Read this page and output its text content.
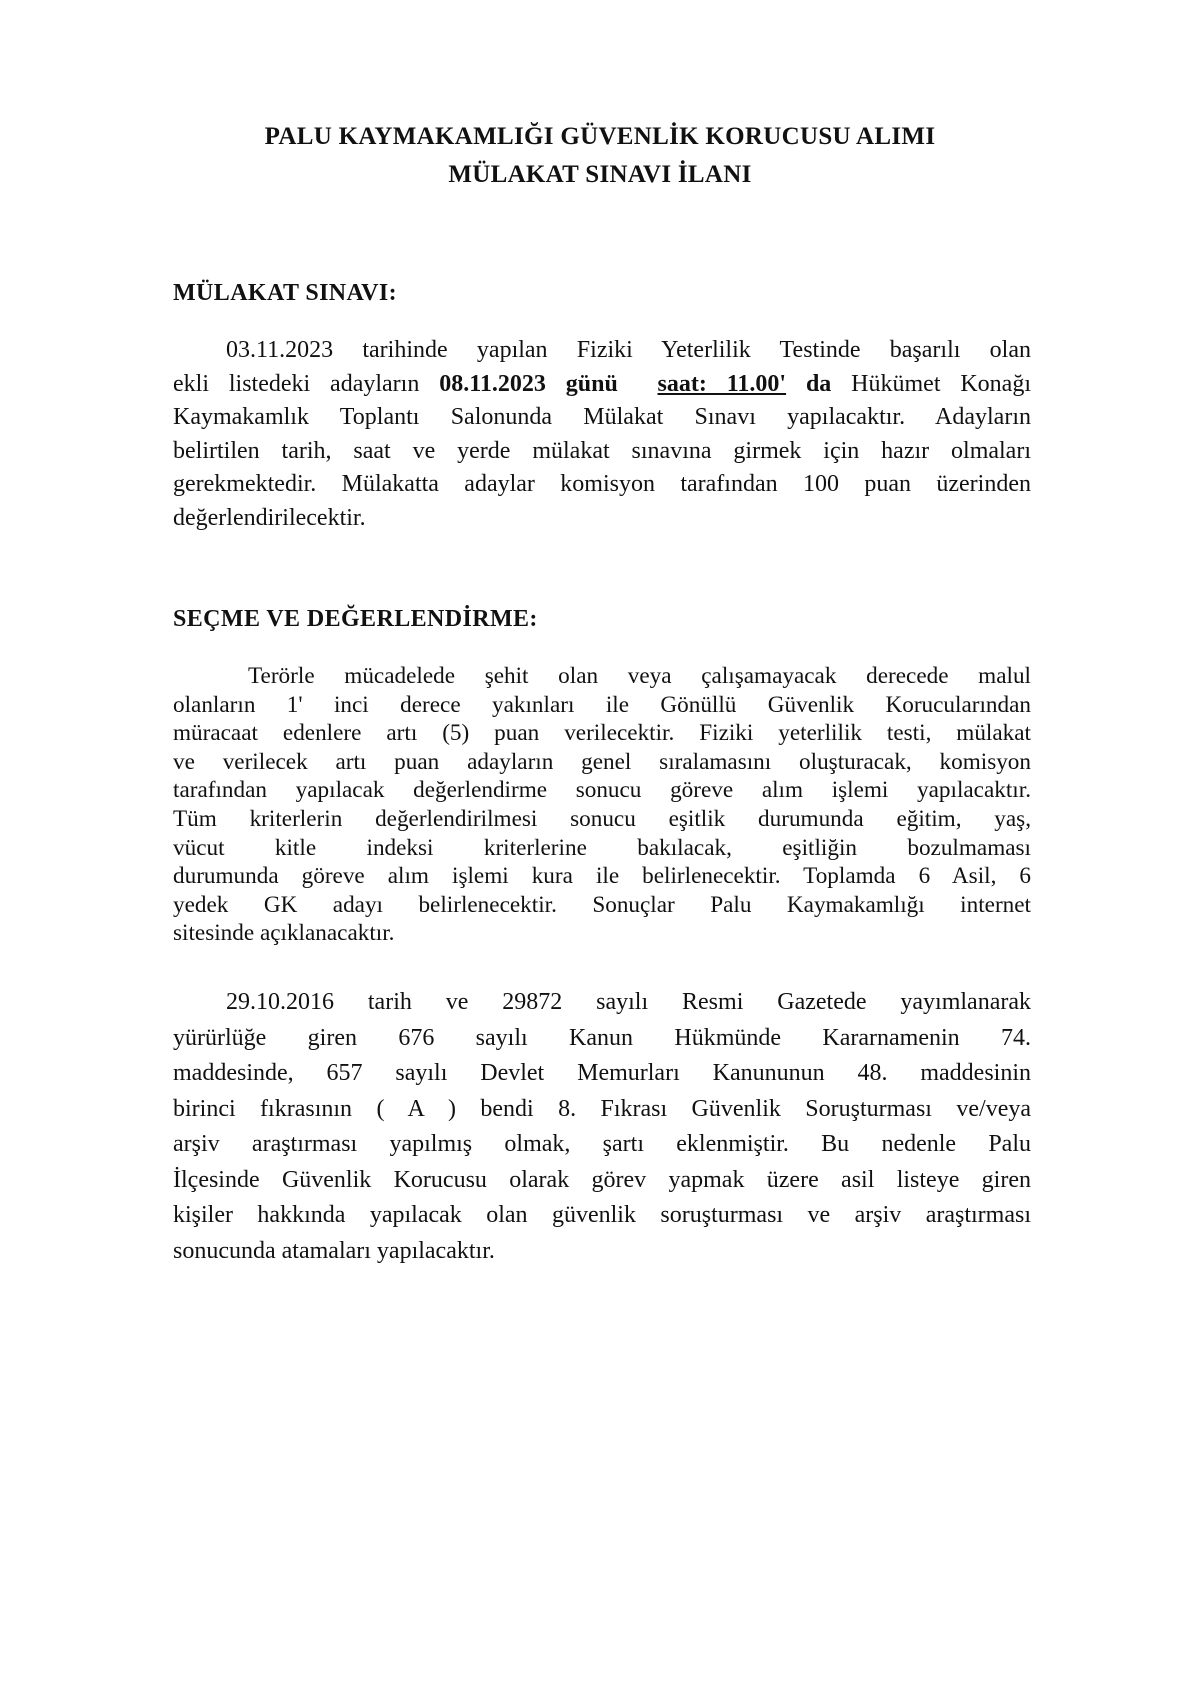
PALU KAYMAKAMLIĞI GÜVENLİK KORUCUSU ALIMI
MÜLAKAT SINAVI İLANI
MÜLAKAT SINAVI:
03.11.2023 tarihinde yapılan Fiziki Yeterlilik Testinde başarılı olan
ekli listedeki adayların 08.11.2023 günü saat: 11.00' da Hükümet Konağı
Kaymakamlık Toplantı Salonunda Mülakat Sınavı yapılacaktır. Adayların
belirtilen tarih, saat ve yerde mülakat sınavına girmek için hazır olmaları
gerekmektedir. Mülakatta adaylar komisyon tarafından 100 puan üzerinden
değerlendirilecektir.
SEÇME VE DEĞERLENDİRME:
Terörle mücadelede şehit olan veya çalışamayacak derecede malul
olanların 1' inci derece yakınları ile Gönüllü Güvenlik Korucularından
müracaat edenlere artı (5) puan verilecektir. Fiziki yeterlilik testi, mülakat
ve verilecek artı puan adayların genel sıralamasını oluşturacak, komisyon
tarafından yapılacak değerlendirme sonucu göreve alım işlemi yapılacaktır.
Tüm kriterlerin değerlendirilmesi sonucu eşitlik durumunda eğitim, yaş,
vücut kitle indeksi kriterlerine bakılacak, eşitliğin bozulmaması
durumunda göreve alım işlemi kura ile belirlenecektir. Toplamda 6 Asil, 6
yedek GK adayı belirlenecektir. Sonuçlar Palu Kaymakamlığı internet
sitesinde açıklanacaktır.
29.10.2016 tarih ve 29872 sayılı Resmi Gazetede yayımlanarak
yürürlüğe giren 676 sayılı Kanun Hükmünde Kararnamenin 74.
maddesinde, 657 sayılı Devlet Memurları Kanununun 48. maddesinin
birinci fıkrasının ( A ) bendi 8. Fıkrası Güvenlik Soruşturması ve/veya
arşiv araştırması yapılmış olmak, şartı eklenmiştir. Bu nedenle Palu
İlçesinde Güvenlik Korucusu olarak görev yapmak üzere asil listeye giren
kişiler hakkında yapılacak olan güvenlik soruşturması ve arşiv araştırması
sonucunda atamaları yapılacaktır.
